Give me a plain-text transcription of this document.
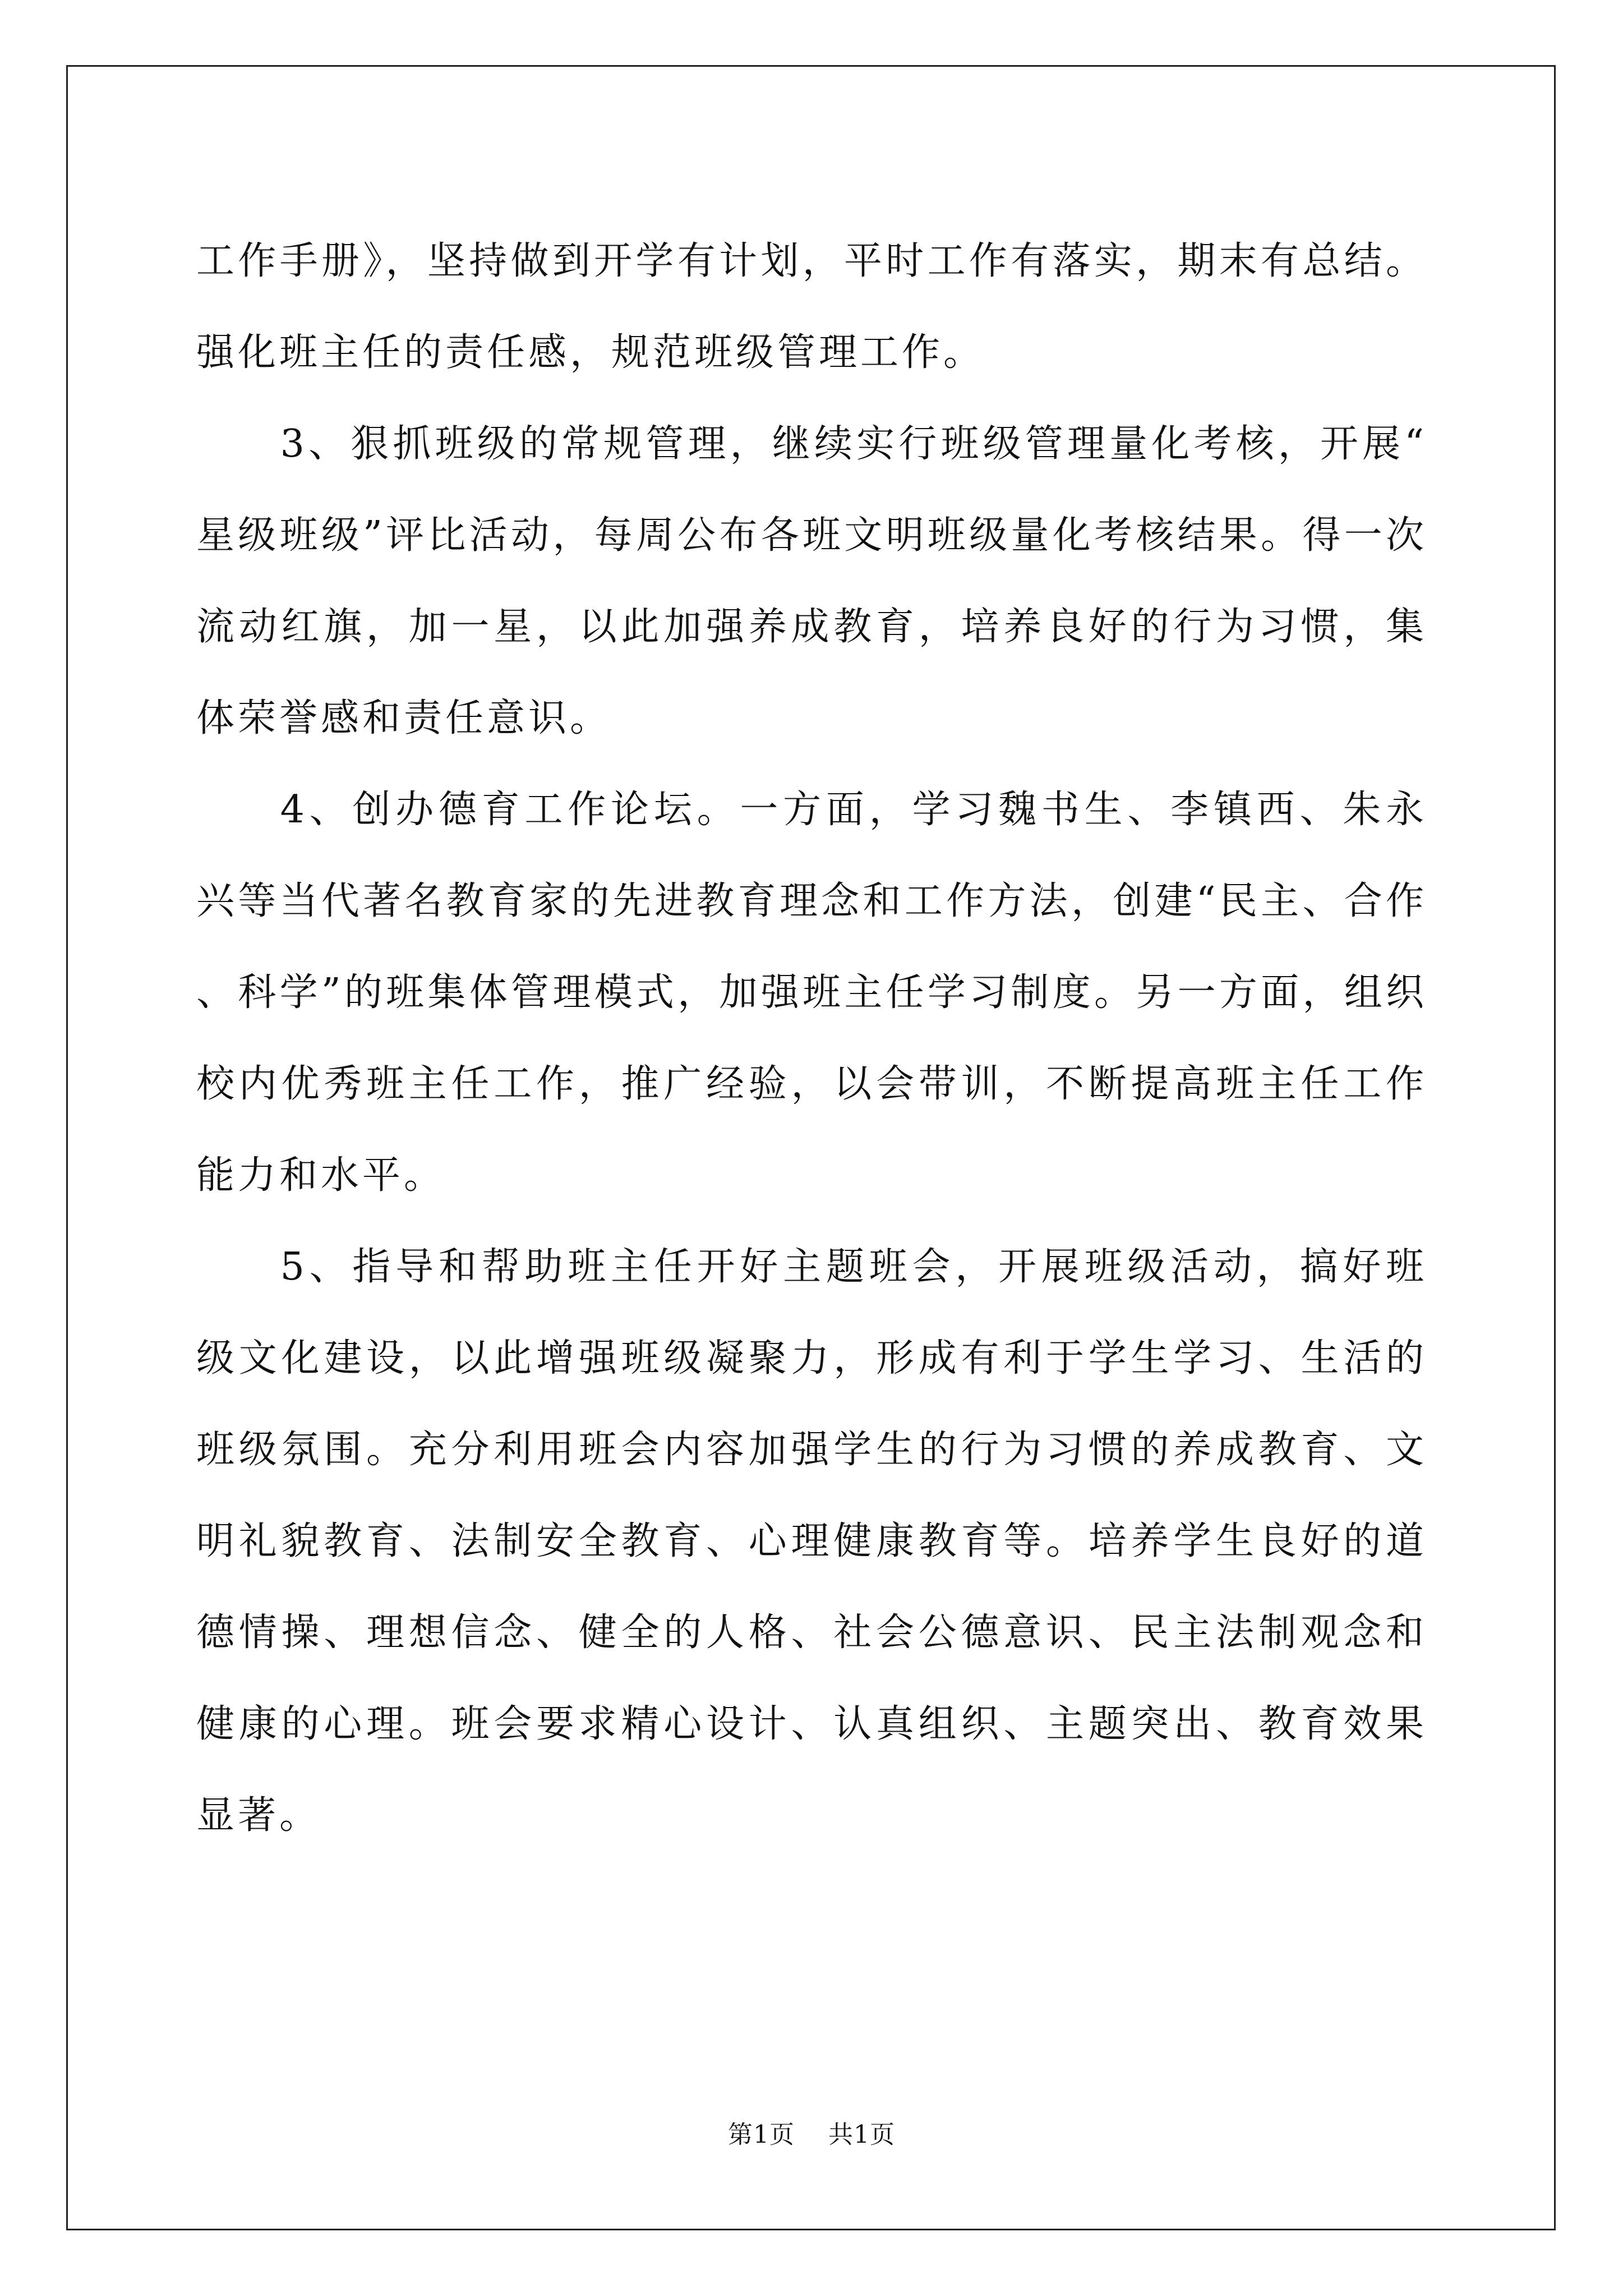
工作手册》，坚持做到开学有计划，平时工作有落实，期末有总结。强化班主任的责任感，规范班级管理工作。

3、狠抓班级的常规管理，继续实行班级管理量化考核，开展“星级班级”评比活动，每周公布各班文明班级量化考核结果。得一次流动红旗，加一星，以此加强养成教育，培养良好的行为习惯，集体荣誉感和责任意识。

4、创办德育工作论坛。一方面，学习魏书生、李镇西、朱永兴等当代著名教育家的先进教育理念和工作方法，创建“民主、合作、科学”的班集体管理模式，加强班主任学习制度。另一方面，组织校内优秀班主任工作，推广经验，以会带训，不断提高班主任工作能力和水平。

5、指导和帮助班主任开好主题班会，开展班级活动，搞好班级文化建设，以此增强班级凝聚力，形成有利于学生学习、生活的班级氛围。充分利用班会内容加强学生的行为习惯的养成教育、文明礼貌教育、法制安全教育、心理健康教育等。培养学生良好的道德情操、理想信念、健全的人格、社会公德意识、民主法制观念和健康的心理。班会要求精心设计、认真组织、主题突出、教育效果显著。

第1页 共1页
